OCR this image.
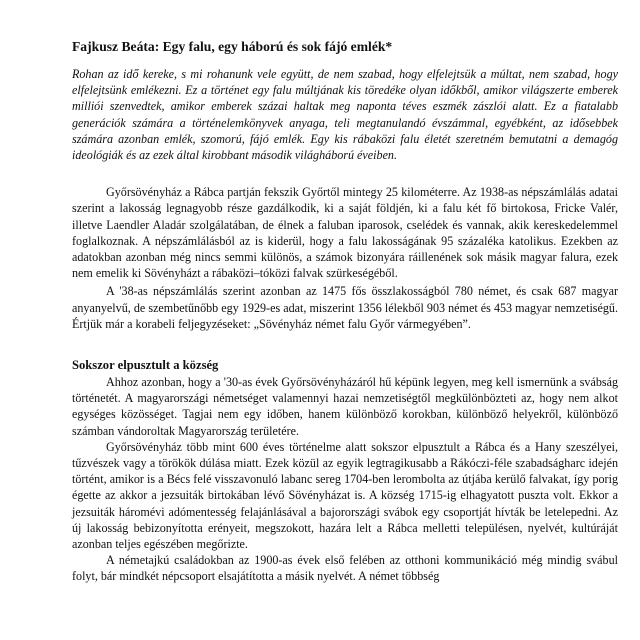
Fajkusz Beáta: Egy falu, egy háború és sok fájó emlék*
Rohan az idő kereke, s mi rohanunk vele együtt, de nem szabad, hogy elfelejtsük a múltat, nem szabad, hogy elfelejtsünk emlékezni. Ez a történet egy falu múltjának kis töredéke olyan időkből, amikor világszerte emberek milliói szenvedtek, amikor emberek százai haltak meg naponta téves eszmék zászlói alatt. Ez a fiatalabb generációk számára a történelemkönyvek anyaga, teli megtanulandó évszámmal, egyébként, az idősebbek számára azonban emlék, szomorú, fájó emlék. Egy kis rábaközi falu életét szeretném bemutatni a demagóg ideológiák és az ezek által kirobbant második világháború éveiben.
Győrsövényház a Rábca partján fekszik Győrtől mintegy 25 kilométerre. Az 1938-as népszámlálás adatai szerint a lakosság legnagyobb része gazdálkodik, ki a saját földjén, ki a falu két fő birtokosa, Fricke Valér, illetve Laendler Aladár szolgálatában, de élnek a faluban iparosok, cselédek és vannak, akik kereskedelemmel foglalkoznak. A népszámlálásból az is kiderül, hogy a falu lakosságának 95 százaléka katolikus. Ezekben az adatokban azonban még nincs semmi különös, a számok bizonyára ráillenének sok másik magyar falura, ezek nem emelik ki Sövényházt a rábaközi–tóközi falvak szürkeségéből.
A '38-as népszámlálás szerint azonban az 1475 fős összlakosságból 780 német, és csak 687 magyar anyanyelvű, de szembetűnőbb egy 1929-es adat, miszerint 1356 lélekből 903 német és 453 magyar nemzetiségű. Értjük már a korabeli feljegyzéseket: „Sövényház német falu Győr vármegyében”.
Sokszor elpusztult a község
Ahhoz azonban, hogy a '30-as évek Győrsövényházáról hű képünk legyen, meg kell ismernünk a svábság történetét. A magyarországi németséget valamennyi hazai nemzetiségtől megkülönbözteti az, hogy nem alkot egységes közösséget. Tagjai nem egy időben, hanem különböző korokban, különböző helyekről, különböző számban vándoroltak Magyarország területére.
Győrsövényház több mint 600 éves történelme alatt sokszor elpusztult a Rábca és a Hany szeszélyei, tűzvészek vagy a törökök dúlása miatt. Ezek közül az egyik legtragikusabb a Rákóczi-féle szabadságharc idején történt, amikor is a Bécs felé visszavonuló labanc sereg 1704-ben lerombolta az útjába kerülő falvakat, így porig égette az akkor a jezsuiták birtokában lévő Sövényházat is. A község 1715-ig elhagyatott puszta volt. Ekkor a jezsuiták háromévi adómentesség felajánlásával a bajorországi svábok egy csoportját hívták be letelepedni. Az új lakosság bebizonyította erényeit, megszokott, hazára lelt a Rábca melletti településen, nyelvét, kultúráját azonban teljes egészében megőrizte.
A németajkú családokban az 1900-as évek első felében az otthoni kommunikáció még mindig svábul folyt, bár mindkét népcsoport elsajátította a másik nyelvét. A német többség
